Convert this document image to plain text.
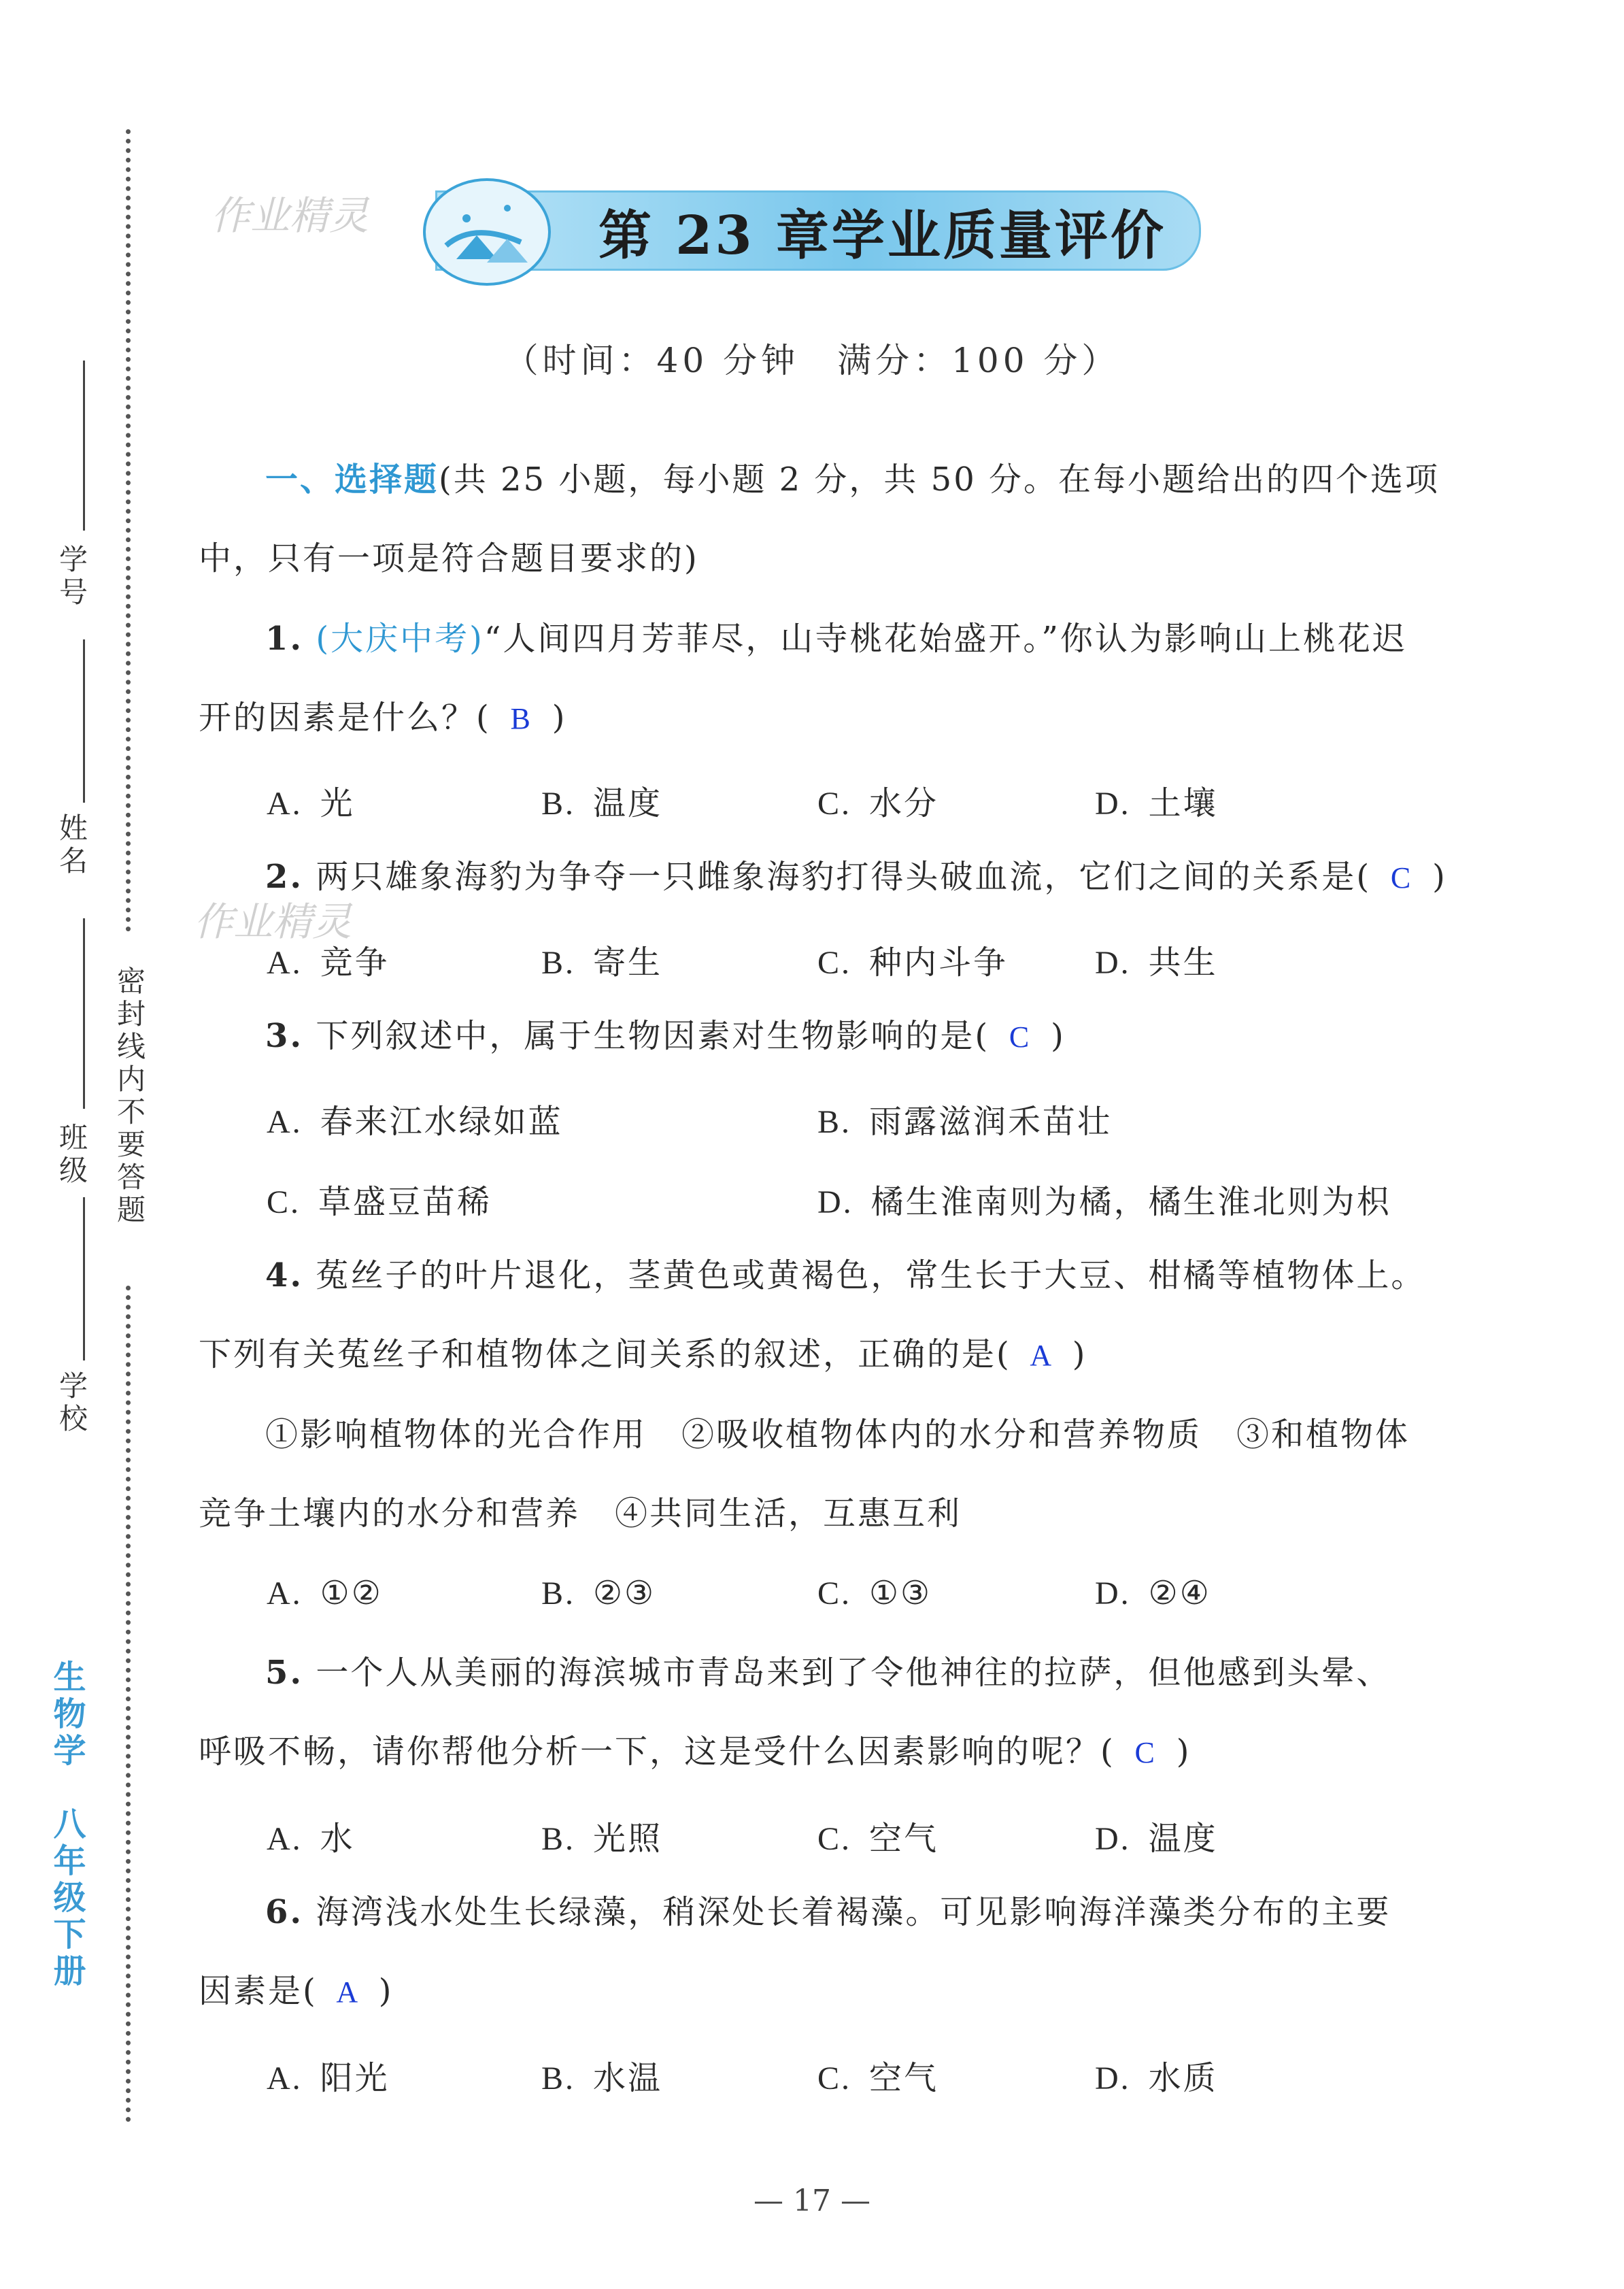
密封线内不要答题
学号
姓名
班级
学校
生物学　八年级下册
作业精灵	第 23 章学业质量评价
（时间：40 分钟　满分：100 分）
一、选择题(共 25 小题，每小题 2 分，共 50 分。在每小题给出的四个选项
中，只有一项是符合题目要求的)
1. (大庆中考)“人间四月芳菲尽，山寺桃花始盛开。”你认为影响山上桃花迟
开的因素是什么？( B )
A. 光	B. 温度	C. 水分	D. 土壤
作业精灵
2. 两只雄象海豹为争夺一只雌象海豹打得头破血流，它们之间的关系是( C )
A. 竞争	B. 寄生	C. 种内斗争	D. 共生
3. 下列叙述中，属于生物因素对生物影响的是( C )
A. 春来江水绿如蓝	B. 雨露滋润禾苗壮
C. 草盛豆苗稀	D. 橘生淮南则为橘，橘生淮北则为枳
4. 菟丝子的叶片退化，茎黄色或黄褐色，常生长于大豆、柑橘等植物体上。
下列有关菟丝子和植物体之间关系的叙述，正确的是( A )
①影响植物体的光合作用　②吸收植物体内的水分和营养物质　③和植物体
竞争土壤内的水分和营养　④共同生活，互惠互利
A. ①②	B. ②③	C. ①③	D. ②④
5. 一个人从美丽的海滨城市青岛来到了令他神往的拉萨，但他感到头晕、
呼吸不畅，请你帮他分析一下，这是受什么因素影响的呢？( C )
A. 水	B. 光照	C. 空气	D. 温度
6. 海湾浅水处生长绿藻，稍深处长着褐藻。可见影响海洋藻类分布的主要
因素是( A )
A. 阳光	B. 水温	C. 空气	D. 水质
— 17 —
